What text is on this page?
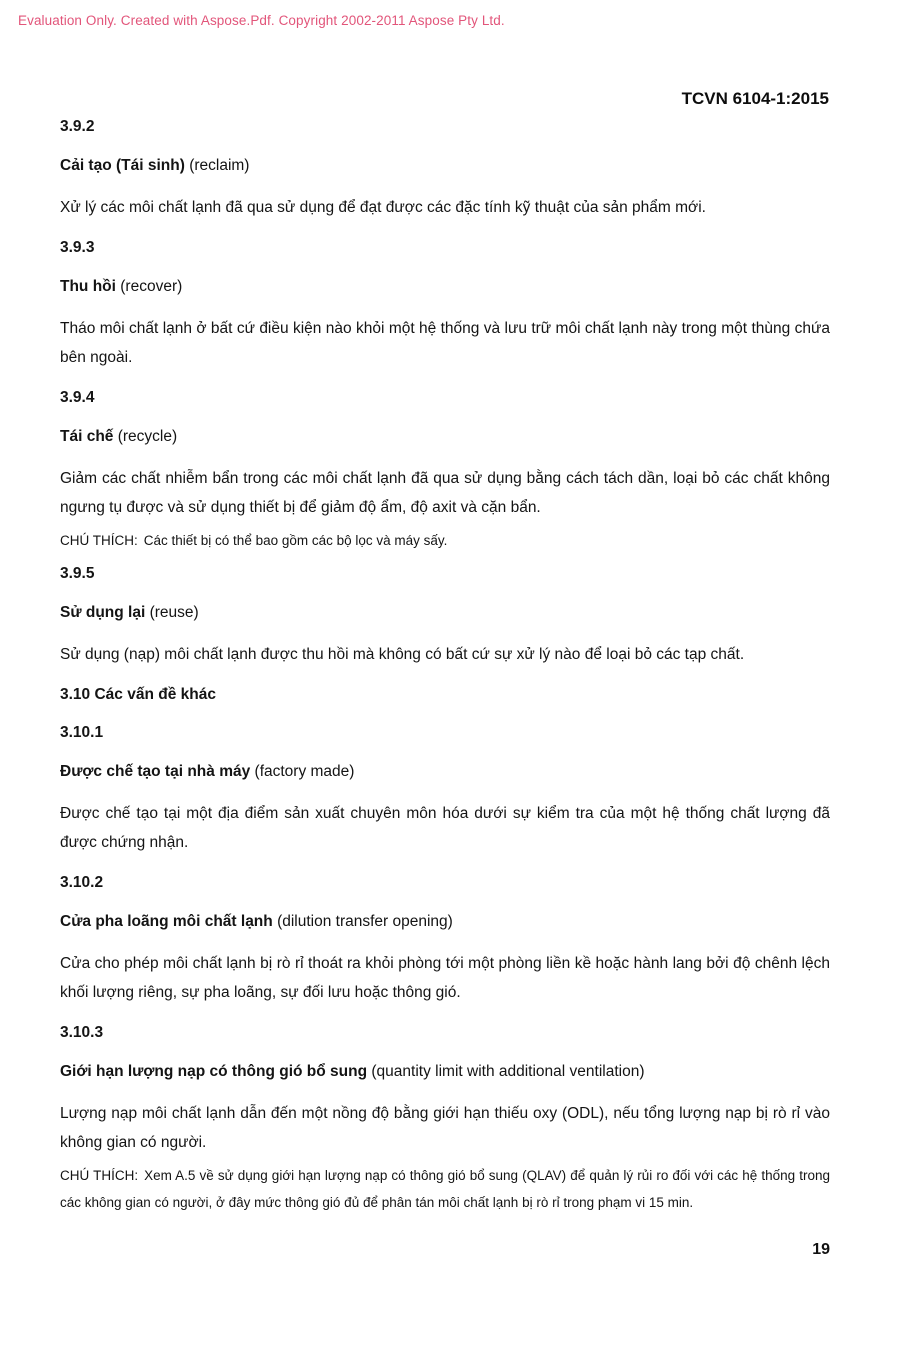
Evaluation Only. Created with Aspose.Pdf. Copyright 2002-2011 Aspose Pty Ltd.
TCVN 6104-1:2015

3.9.2

Cải tạo (Tái sinh) (reclaim)

Xử lý các môi chất lạnh đã qua sử dụng để đạt được các đặc tính kỹ thuật của sản phẩm mới.

3.9.3

Thu hồi (recover)

Tháo môi chất lạnh ở bất cứ điều kiện nào khỏi một hệ thống và lưu trữ môi chất lạnh này trong một thùng chứa bên ngoài.

3.9.4

Tái chế (recycle)

Giảm các chất nhiễm bẩn trong các môi chất lạnh đã qua sử dụng bằng cách tách dần, loại bỏ các chất không ngưng tụ được và sử dụng thiết bị để giảm độ ẩm, độ axit và cặn bẩn.

CHÚ THÍCH: Các thiết bị có thể bao gồm các bộ lọc và máy sấy.

3.9.5

Sử dụng lại (reuse)

Sử dụng (nạp) môi chất lạnh được thu hồi mà không có bất cứ sự xử lý nào để loại bỏ các tạp chất.

3.10 Các vấn đề khác

3.10.1

Được chế tạo tại nhà máy (factory made)

Được chế tạo tại một địa điểm sản xuất chuyên môn hóa dưới sự kiểm tra của một hệ thống chất lượng đã được chứng nhận.

3.10.2

Cửa pha loãng môi chất lạnh (dilution transfer opening)

Cửa cho phép môi chất lạnh bị rò rỉ thoát ra khỏi phòng tới một phòng liền kề hoặc hành lang bởi độ chênh lệch khối lượng riêng, sự pha loãng, sự đối lưu hoặc thông gió.

3.10.3

Giới hạn lượng nạp có thông gió bổ sung (quantity limit with additional ventilation)

Lượng nạp môi chất lạnh dẫn đến một nồng độ bằng giới hạn thiếu oxy (ODL), nếu tổng lượng nạp bị rò rỉ vào không gian có người.

CHÚ THÍCH: Xem A.5 về sử dụng giới hạn lượng nạp có thông gió bổ sung (QLAV) để quản lý rủi ro đối với các hệ thống trong các không gian có người, ở đây mức thông gió đủ để phân tán môi chất lạnh bị rò rỉ trong phạm vi 15 min.

19
